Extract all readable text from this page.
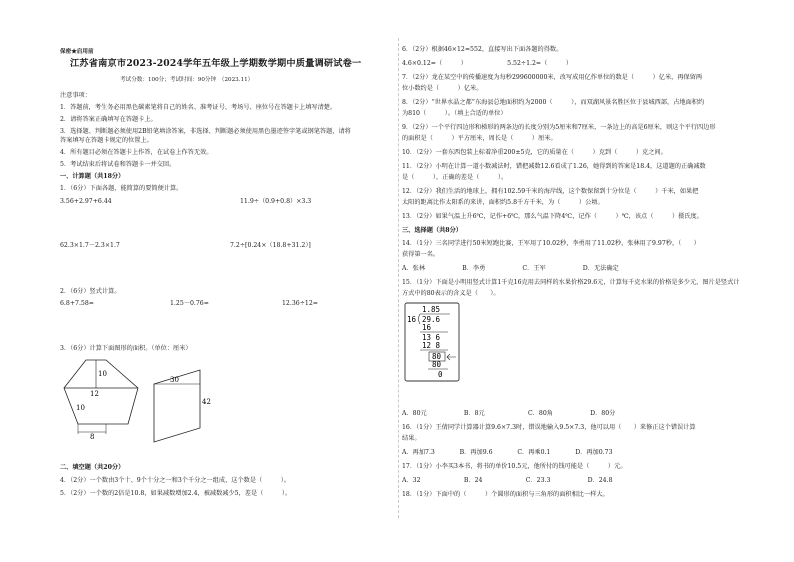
保密★启用前
江苏省南京市2023-2024学年五年级上学期数学期中质量调研试卷一
考试分数：100分；考试时间：90分钟　（2023.11）
注意事项：
1．答题前，考生务必用黑色碳素笔将自己的姓名、准考证号、考场号、座位号在答题卡上填写清楚。
2．请将答案正确填写在答题卡上。
3．选择题、判断题必须使用2B铅笔填涂答案，非选择、判断题必须使用黑色墨迹签字笔或钢笔答题，请将
答案填写在答题卡规定的位置上。
4．所有题目必须在答题卡上作答，在试卷上作答无效。
5．考试结束后将试卷和答题卡一并交回。
一、计算题（共18分）
1．（6分）下面各题，能简算的要简便计算。
3.56+2.97+6.44	11.9÷（0.9+0.8）×3.3
62.3×1.7－2.3×1.7	7.2÷[0.24×（18.8+31.2）]
2．（6分）竖式计算。
6.8+7.58=	1.25－0.76=	12.36÷12=
3．（6分）计算下面图形的面积。（单位：厘米）
10
12
10
8
30
42
二、填空题（共20分）
4．（2分）一个数由3个十、9个十分之一和3个千分之一组成，这个数是（　　　）。
5．（2分）一个数的2倍是10.8，如果减数增加2.4，被减数减少5，差是（　　　）。
6．（2分）根据46×12=552，直接写出下面各题的得数。
4.6×0.12=（　　　）　　　　　　　5.52÷1.2=（　　　）
7．（2分）龙在某空中的传播速度为每秒299600000米，改写成用亿作单位的数是（　　　）亿米，再保留两
位小数约是（　　　）亿米。
8．（2分）“世界水晶之都”东海县总地面积约为2000（　　　），而双湖风景名胜区位于县城西部，占地面积约
为810（　　　）。（填上合适的单位）
9．（2分）一个平行四边形和梯形的两条边的长度分别为5厘米和7厘米，一条边上的高是6厘米，则这个平行四边形
的面积是（　　　）平方厘米，周长是（　　　）厘米。
10．（2分）一套东西包装上标着净重200±5克，它的质量在（　　　）克到（　　　）克之间。
11．（2分）小明在计算一道小数减法时，错把减数12.6看成了1.26，她得到的答案是18.4，这道题的正确减数
是（　　　），正确的差是（　　　）。
12．（2分）我们生活的地球上，拥有102.59千米的海岸线，这个数保留到十分位是（　　　）千米，如果把
太阳的距离比作太阳系的来讲，面积约5.8千方千米，为（　　　）公顷。
13．（2分）如果气温上升6℃，记作+6℃，那么气温下降4℃，记作（　　　）℃，该点（　　　）摄氏度。
三、选择题（共8分）
14．（1分）三名同学进行50米短跑比赛，王军用了10.02秒，李勇用了11.02秒，张林用了9.97秒，（　　）
获得第一名。
A．张林　　　　　　B．李勇　　　　　　C．王军　　　　　　D．无法确定
15．（1分）下面是小明用竖式计算1千克16克用去同样的水果价格29.6元，计算每千克水果的价格是多少元，图片是竖式计
方式中的80表示的含义是（　　）。
1.85
16 29.6
16
13 6
12 8
80
80
0
A．80元　　　　　　B．8元　　　　　　　C．80角　　　　　　D．80分
16．（1分）王倩同学计算器计算9.6×7.3时，错误地输入9.5×7.3，他可以用（　　）来修正这个错误计算
结果。
A．再加7.3　　　　B．再加9.6　　　　C．再乘0.1　　　　D．再加0.73
17．（1分）小李买3本书，将书的单价10.5元，他所付的钱可能是（　　　）元。
A．32　　　　　　　B．24　　　　　　　C．23.3　　　　　　D．24.8
18．（1分）下面中的（　　　）个圆形的面积与三角形的面积相比一样大。
